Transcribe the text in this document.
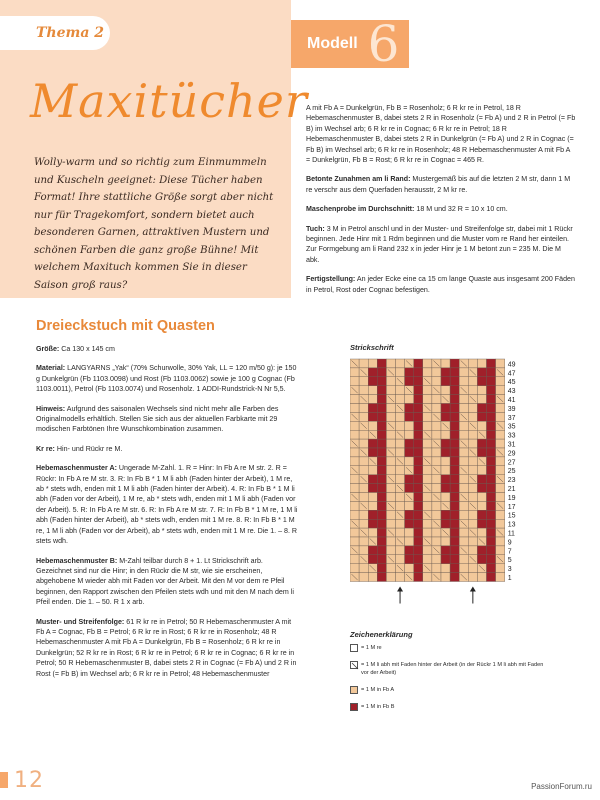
Thema 2
Maxitücher
Wolly-warm und so richtig zum Einmummeln und Kuscheln geeignet: Diese Tücher haben Format! Ihre stattliche Größe sorgt aber nicht nur für Tragekomfort, sondern bietet auch besonderen Garnen, attraktiven Mustern und schönen Farben die ganz große Bühne! Mit welchem Maxituch kommen Sie in dieser Saison groß raus?
Modell 6
Dreieckstuch mit Quasten

Größe: Ca 130 x 145 cm

Material: LANGYARNS „Yak“ (70% Schurwolle, 30% Yak, LL = 120 m/50 g): je 150 g Dunkelgrün (Fb 1103.0098) und Rost (Fb 1103.0062) sowie je 100 g Cognac (Fb 1103.0011), Petrol (Fb 1103.0074) und Rosenholz. 1 ADDI-Rundstrick-N Nr 5,5.

Hinweis: Aufgrund des saisonalen Wechsels sind nicht mehr alle Farben des Originalmodells erhältlich. Stellen Sie sich aus der aktuellen Farbkarte mit 29 modischen Farbtönen Ihre Wunschkombination zusammen.

Kr re: Hin- und Rückr re M.

Hebemaschenmuster A: Ungerade M-Zahl. 1. R = Hinr: In Fb A re M str. 2. R = Rückr: In Fb A re M str. 3. R: In Fb B * 1 M li abh (Faden hinter der Arbeit), 1 M re, ab * stets wdh, enden mit 1 M li abh (Faden hinter der Arbeit). 4. R: In Fb B * 1 M li abh (Faden vor der Arbeit), 1 M re, ab * stets wdh, enden mit 1 M li abh (Faden vor der Arbeit). 5. R: In Fb A re M str. 6. R: In Fb A re M str. 7. R: In Fb B * 1 M re, 1 M li abh (Faden hinter der Arbeit), ab * stets wdh, enden mit 1 M re. 8. R: In Fb B * 1 M re, 1 M li abh (Faden vor der Arbeit), ab * stets wdh, enden mit 1 M re. Die 1. – 8. R stets wdh.

Hebemaschenmuster B: M-Zahl teilbar durch 8 + 1. Lt Strickschrift arb. Gezeichnet sind nur die Hinr; in den Rückr die M str, wie sie erscheinen, abgehobene M wieder abh mit Faden vor der Arbeit. Mit den M vor dem re Pfeil beginnen, den Rapport zwischen den Pfeilen stets wdh und mit den M nach dem li Pfeil enden. Die 1. – 50. R 1 x arb.

Muster- und Streifenfolge: 61 R kr re in Petrol; 50 R Hebemaschenmuster A mit Fb A = Cognac, Fb B = Petrol; 6 R kr re in Rost; 6 R kr re in Rosenholz; 48 R Hebemaschenmuster A mit Fb A = Dunkelgrün, Fb B = Rosenholz; 6 R kr re in Dunkelgrün; 52 R kr re in Rost; 6 R kr re in Petrol; 6 R kr re in Cognac; 6 R kr re in Petrol; 50 R Hebemaschenmuster B, dabei stets 2 R in Cognac (= Fb A) und 2 R in Rost (= Fb B) im Wechsel arb; 6 R kr re in Petrol; 48 Hebemaschenmuster

A mit Fb A = Dunkelgrün, Fb B = Rosenholz; 6 R kr re in Petrol, 18 R Hebemaschenmuster B, dabei stets 2 R in Rosenholz (= Fb A) und 2 R in Petrol (= Fb B) im Wechsel arb; 6 R kr re in Cognac; 6 R kr re in Petrol; 18 R Hebemaschenmuster B, dabei stets 2 R in Dunkelgrün (= Fb A) und 2 R in Cognac (= Fb B) im Wechsel arb; 6 R kr re in Rosenholz; 48 R Hebemaschenmuster A mit Fb A = Dunkelgrün, Fb B = Rost; 6 R kr re in Cognac = 465 R.

Betonte Zunahmen am li Rand: Mustergemäß bis auf die letzten 2 M str, dann 1 M re verschr aus dem Querfaden herausstr, 2 M kr re.

Maschenprobe im Durchschnitt: 18 M und 32 R = 10 x 10 cm.

Tuch: 3 M in Petrol anschl und in der Muster- und Streifenfolge str, dabei mit 1 Rückr beginnen. Jede Hinr mit 1 Rdm beginnen und die Muster vom re Rand her einteilen. Zur Formgebung am li Rand 232 x in jeder Hinr je 1 M betont zun = 235 M. Die M abk.

Fertigstellung: An jeder Ecke eine ca 15 cm lange Quaste aus insgesamt 200 Fäden in Petrol, Rost oder Cognac befestigen.

Strickschrift
49
47
45
43
41
39
37
35
33
31
29
27
25
23
21
19
17
15
13
11
9
7
5
3
1
Zeichenerklärung
= 1 M re
= 1 M li abh mit Faden hinter der Arbeit (in der Rückr 1 M li abh mit Faden vor der Arbeit)
= 1 M in Fb A
= 1 M in Fb B
12	PassionForum.ru
